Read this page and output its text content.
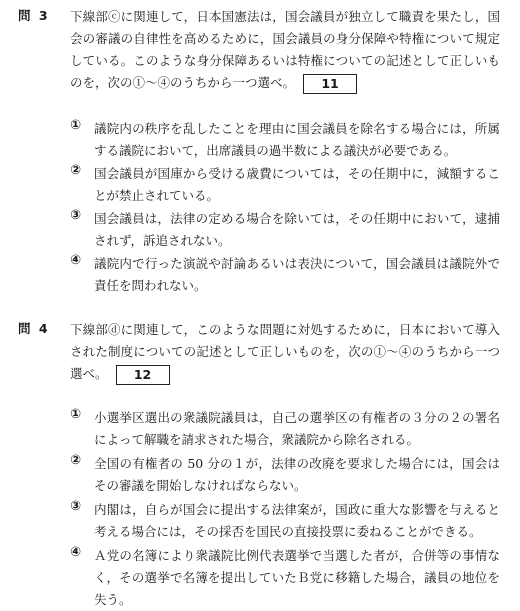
問 3 下線部ⓒに関連して，日本国憲法は，国会議員が独立して職責を果たし，国会の審議の自律性を高めるために，国会議員の身分保障や特権について規定している。このような身分保障あるいは特権についての記述として正しいものを，次の①～④のうちから一つ選べ。 11
① 議院内の秩序を乱したことを理由に国会議員を除名する場合には，所属する議院において，出席議員の過半数による議決が必要である。
② 国会議員が国庫から受ける歳費については，その任期中に，減額することが禁止されている。
③ 国会議員は，法律の定める場合を除いては，その任期中において，逮捕されず，訴追されない。
④ 議院内で行った演説や討論あるいは表決について，国会議員は議院外で責任を問われない。
問 4 下線部ⓓに関連して，このような問題に対処するために，日本において導入された制度についての記述として正しいものを，次の①～④のうちから一つ選べ。 12
① 小選挙区選出の衆議院議員は，自己の選挙区の有権者の３分の２の署名によって解職を請求された場合，衆議院から除名される。
② 全国の有権者の 50 分の１が，法律の改廃を要求した場合には，国会はその審議を開始しなければならない。
③ 内閣は，自らが国会に提出する法律案が，国政に重大な影響を与えると考える場合には，その採否を国民の直接投票に委ねることができる。
④ Ａ党の名簿により衆議院比例代表選挙で当選した者が，合併等の事情なく，その選挙で名簿を提出していたＢ党に移籍した場合，議員の地位を失う。
